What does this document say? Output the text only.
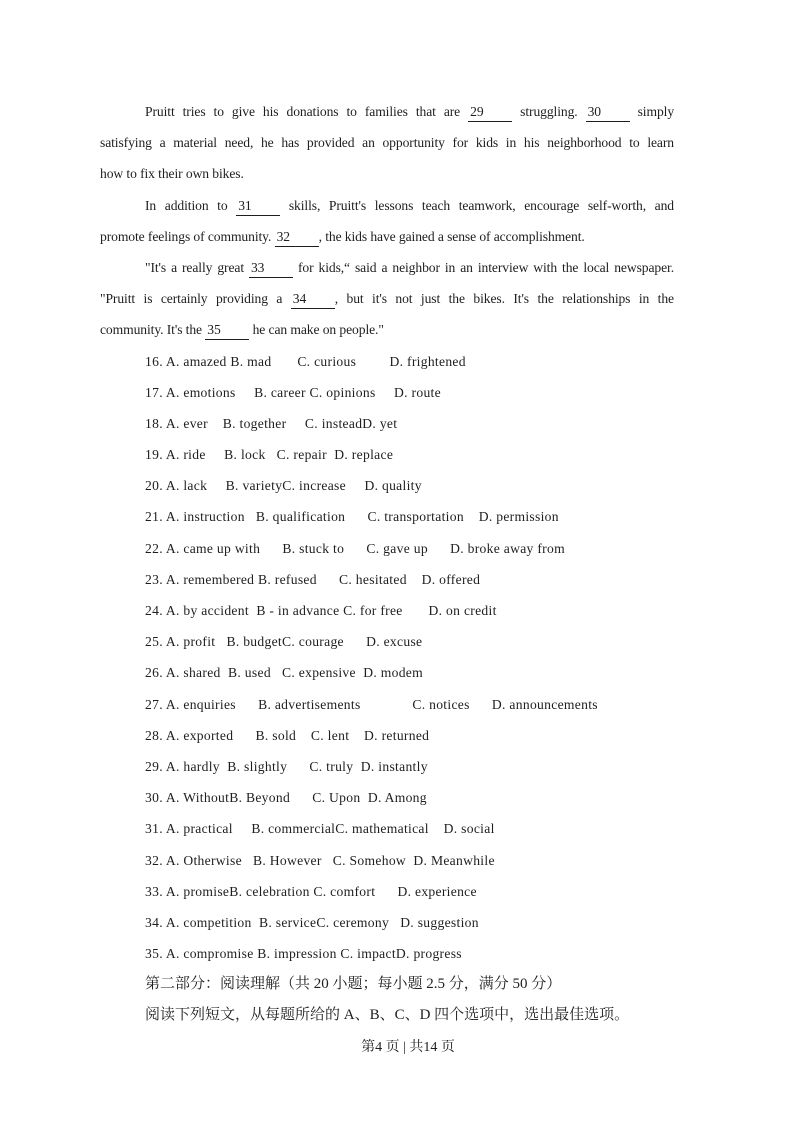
Pruitt tries to give his donations to families that are 29 struggling. 30 simply
satisfying a material need, he has provided an opportunity for kids in his neighborhood to learn
how to fix their own bikes.
In addition to 31 skills, Pruitt's lessons teach teamwork, encourage self-worth, and
promote feelings of community. 32 , the kids have gained a sense of accomplishment.
"It's a really great 33 for kids,“ said a neighbor in an interview with the local newspaper.
"Pruitt is certainly providing a 34 , but it's not just the bikes. It's the relationships in the
community. It's the 35 he can make on people."
16. A. amazed B. mad       C. curious         D. frightened
17. A. emotions     B. career C. opinions     D. route
18. A. ever    B. together     C. insteadD. yet
19. A. ride     B. lock   C. repair  D. replace
20. A. lack     B. varietyC. increase     D. quality
21. A. instruction   B. qualification      C. transportation    D. permission
22. A. came up with      B. stuck to      C. gave up      D. broke away from
23. A. remembered B. refused      C. hesitated    D. offered
24. A. by accident  B - in advance C. for free       D. on credit
25. A. profit   B. budgetC. courage      D. excuse
26. A. shared  B. used   C. expensive  D. modem
27. A. enquiries      B. advertisements              C. notices      D. announcements
28. A. exported      B. sold    C. lent    D. returned
29. A. hardly  B. slightly      C. truly  D. instantly
30. A. WithoutB. Beyond      C. Upon  D. Among
31. A. practical     B. commercialC. mathematical    D. social
32. A. Otherwise   B. However   C. Somehow  D. Meanwhile
33. A. promiseB. celebration C. comfort      D. experience
34. A. competition  B. serviceC. ceremony   D. suggestion
35. A. compromise B. impression C. impactD. progress
第二部分：阅读理解（共 20 小题；每小题 2.5 分，满分 50 分）
阅读下列短文，从每题所给的 A、B、C、D 四个选项中，选出最佳选项。
第4 页 | 共14 页
